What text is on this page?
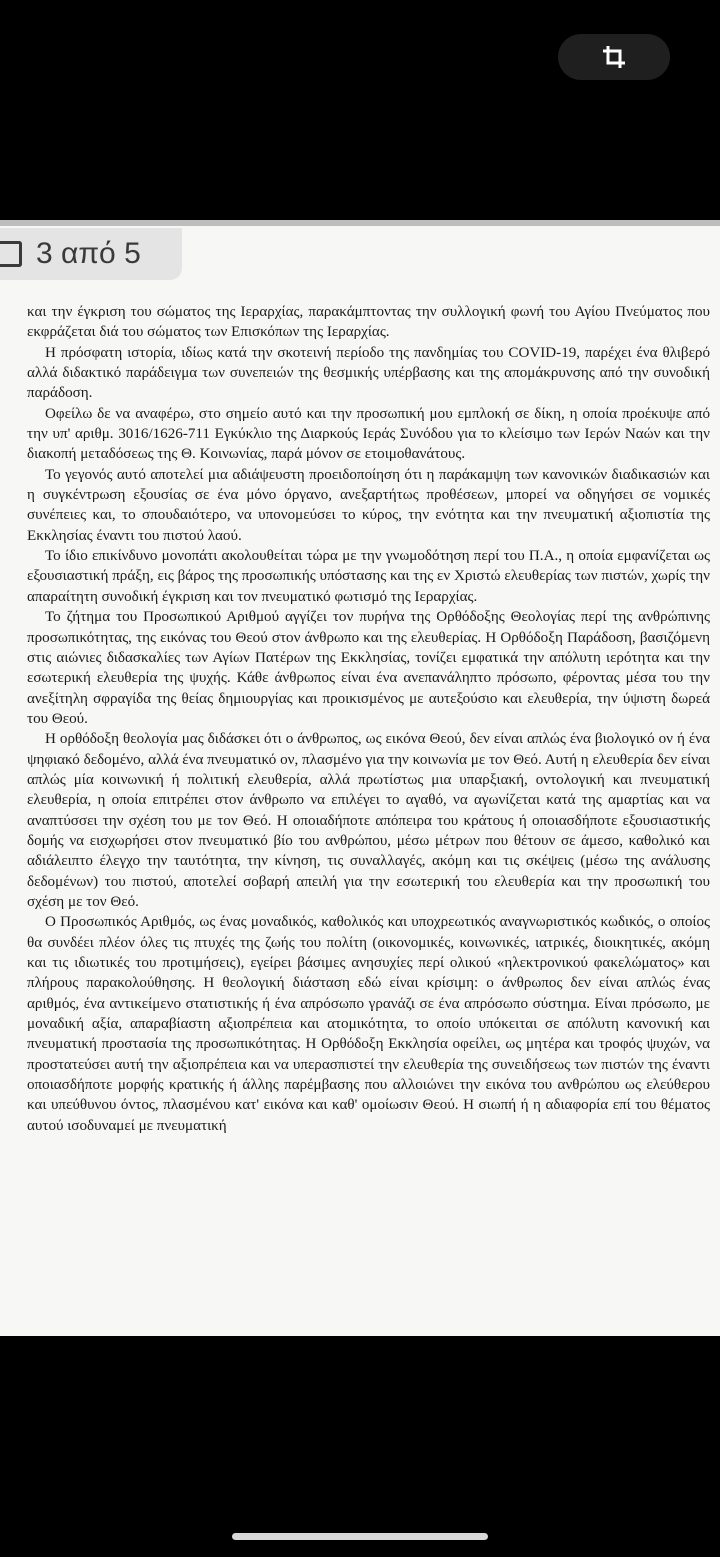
3 από 5

και την έγκριση του σώματος της Ιεραρχίας, παρακάμπτοντας την συλλογική φωνή του Αγίου Πνεύματος που εκφράζεται διά του σώματος των Επισκόπων της Ιεραρχίας.

Η πρόσφατη ιστορία, ιδίως κατά την σκοτεινή περίοδο της πανδημίας του COVID-19, παρέχει ένα θλιβερό αλλά διδακτικό παράδειγμα των συνεπειών της θεσμικής υπέρβασης και της απομάκρυνσης από την συνοδική παράδοση.

Οφείλω δε να αναφέρω, στο σημείο αυτό και την προσωπική μου εμπλοκή σε δίκη, η οποία προέκυψε από την υπ' αριθμ. 3016/1626-711 Εγκύκλιο της Διαρκούς Ιεράς Συνόδου για το κλείσιμο των Ιερών Ναών και την διακοπή μεταδόσεως της Θ. Κοινωνίας, παρά μόνον σε ετοιμοθανάτους.

Το γεγονός αυτό αποτελεί μια αδιάψευστη προειδοποίηση ότι η παράκαμψη των κανονικών διαδικασιών και η συγκέντρωση εξουσίας σε ένα μόνο όργανο, ανεξαρτήτως προθέσεων, μπορεί να οδηγήσει σε νομικές συνέπειες και, το σπουδαιότερο, να υπονομεύσει το κύρος, την ενότητα και την πνευματική αξιοπιστία της Εκκλησίας έναντι του πιστού λαού.

Το ίδιο επικίνδυνο μονοπάτι ακολουθείται τώρα με την γνωμοδότηση περί του Π.Α., η οποία εμφανίζεται ως εξουσιαστική πράξη, εις βάρος της προσωπικής υπόστασης και της εν Χριστώ ελευθερίας των πιστών, χωρίς την απαραίτητη συνοδική έγκριση και τον πνευματικό φωτισμό της Ιεραρχίας.

Το ζήτημα του Προσωπικού Αριθμού αγγίζει τον πυρήνα της Ορθόδοξης Θεολογίας περί της ανθρώπινης προσωπικότητας, της εικόνας του Θεού στον άνθρωπο και της ελευθερίας. Η Ορθόδοξη Παράδοση, βασιζόμενη στις αιώνιες διδασκαλίες των Αγίων Πατέρων της Εκκλησίας, τονίζει εμφατικά την απόλυτη ιερότητα και την εσωτερική ελευθερία της ψυχής. Κάθε άνθρωπος είναι ένα ανεπανάληπτο πρόσωπο, φέροντας μέσα του την ανεξίτηλη σφραγίδα της θείας δημιουργίας και προικισμένος με αυτεξούσιο και ελευθερία, την ύψιστη δωρεά του Θεού.

Η ορθόδοξη θεολογία μας διδάσκει ότι ο άνθρωπος, ως εικόνα Θεού, δεν είναι απλώς ένα βιολογικό ον ή ένα ψηφιακό δεδομένο, αλλά ένα πνευματικό ον, πλασμένο για την κοινωνία με τον Θεό. Αυτή η ελευθερία δεν είναι απλώς μία κοινωνική ή πολιτική ελευθερία, αλλά πρωτίστως μια υπαρξιακή, οντολογική και πνευματική ελευθερία, η οποία επιτρέπει στον άνθρωπο να επιλέγει το αγαθό, να αγωνίζεται κατά της αμαρτίας και να αναπτύσσει την σχέση του με τον Θεό. Η οποιαδήποτε απόπειρα του κράτους ή οποιασδήποτε εξουσιαστικής δομής να εισχωρήσει στον πνευματικό βίο του ανθρώπου, μέσω μέτρων που θέτουν σε άμεσο, καθολικό και αδιάλειπτο έλεγχο την ταυτότητα, την κίνηση, τις συναλλαγές, ακόμη και τις σκέψεις (μέσω της ανάλυσης δεδομένων) του πιστού, αποτελεί σοβαρή απειλή για την εσωτερική του ελευθερία και την προσωπική του σχέση με τον Θεό.

Ο Προσωπικός Αριθμός, ως ένας μοναδικός, καθολικός και υποχρεωτικός αναγνωριστικός κωδικός, ο οποίος θα συνδέει πλέον όλες τις πτυχές της ζωής του πολίτη (οικονομικές, κοινωνικές, ιατρικές, διοικητικές, ακόμη και τις ιδιωτικές του προτιμήσεις), εγείρει βάσιμες ανησυχίες περί ολικού «ηλεκτρονικού φακελώματος» και πλήρους παρακολούθησης. Η θεολογική διάσταση εδώ είναι κρίσιμη: ο άνθρωπος δεν είναι απλώς ένας αριθμός, ένα αντικείμενο στατιστικής ή ένα απρόσωπο γρανάζι σε ένα απρόσωπο σύστημα. Είναι πρόσωπο, με μοναδική αξία, απαραβίαστη αξιοπρέπεια και ατομικότητα, το οποίο υπόκειται σε απόλυτη κανονική και πνευματική προστασία της προσωπικότητας. Η Ορθόδοξη Εκκλησία οφείλει, ως μητέρα και τροφός ψυχών, να προστατεύσει αυτή την αξιοπρέπεια και να υπερασπιστεί την ελευθερία της συνειδήσεως των πιστών της έναντι οποιασδήποτε μορφής κρατικής ή άλλης παρέμβασης που αλλοιώνει την εικόνα του ανθρώπου ως ελεύθερου και υπεύθυνου όντος, πλασμένου κατ' εικόνα και καθ' ομοίωσιν Θεού. Η σιωπή ή η αδιαφορία επί του θέματος αυτού ισοδυναμεί με πνευματική
